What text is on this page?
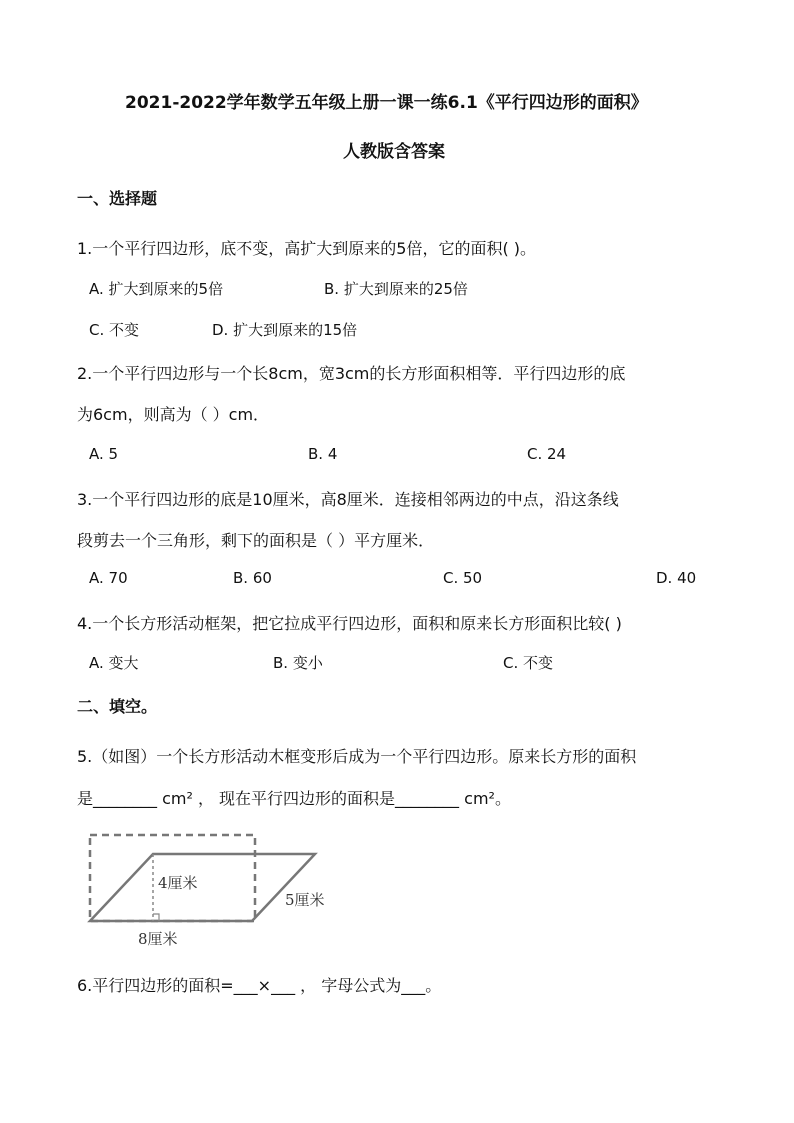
2021-2022学年数学五年级上册一课一练6.1《平行四边形的面积》
人教版含答案
一、选择题
1.一个平行四边形，底不变，高扩大到原来的5倍，它的面积( )。
A. 扩大到原来的5倍	B. 扩大到原来的25倍
C. 不变	D. 扩大到原来的15倍
2.一个平行四边形与一个长8cm，宽3cm的长方形面积相等．平行四边形的底
为6cm，则高为（ ）cm．
A. 5	B. 4	C. 24
3.一个平行四边形的底是10厘米，高8厘米．连接相邻两边的中点，沿这条线
段剪去一个三角形，剩下的面积是（ ）平方厘米．
A. 70	B. 60	C. 50	D. 40
4.一个长方形活动框架，把它拉成平行四边形，面积和原来长方形面积比较( )
A. 变大	B. 变小	C. 不变
二、填空。
5.（如图）一个长方形活动木框变形后成为一个平行四边形。原来长方形的面积
是________ cm² ， 现在平行四边形的面积是________ cm²。
4厘米
5厘米
8厘米
6.平行四边形的面积=___×___ ， 字母公式为___。
